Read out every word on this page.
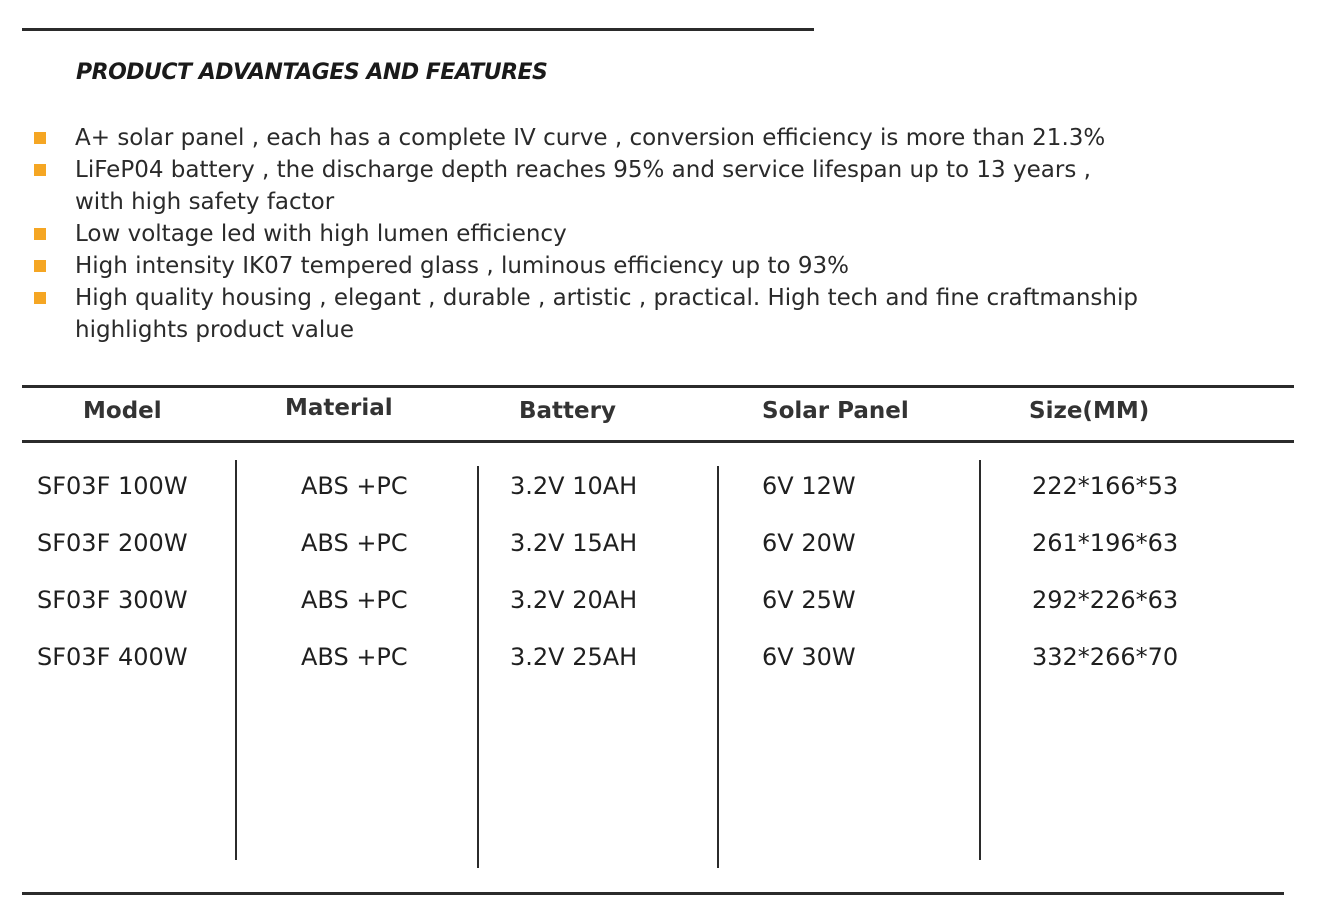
PRODUCT ADVANTAGES AND FEATURES
A+ solar panel , each has a complete IV curve , conversion efficiency is more than 21.3%
LiFeP04 battery , the discharge depth reaches 95% and service lifespan up to 13 years ,
with high safety factor
Low voltage led with high lumen efficiency
High intensity IK07 tempered glass , luminous efficiency up to 93%
High quality housing , elegant , durable , artistic , practical. High tech and fine craftmanship
highlights product value
Model	Material	Battery	Solar Panel	Size(MM)
SF03F 100W	ABS +PC	3.2V 10AH	6V 12W	222*166*53
SF03F 200W	ABS +PC	3.2V 15AH	6V 20W	261*196*63
SF03F 300W	ABS +PC	3.2V 20AH	6V 25W	292*226*63
SF03F 400W	ABS +PC	3.2V 25AH	6V 30W	332*266*70
